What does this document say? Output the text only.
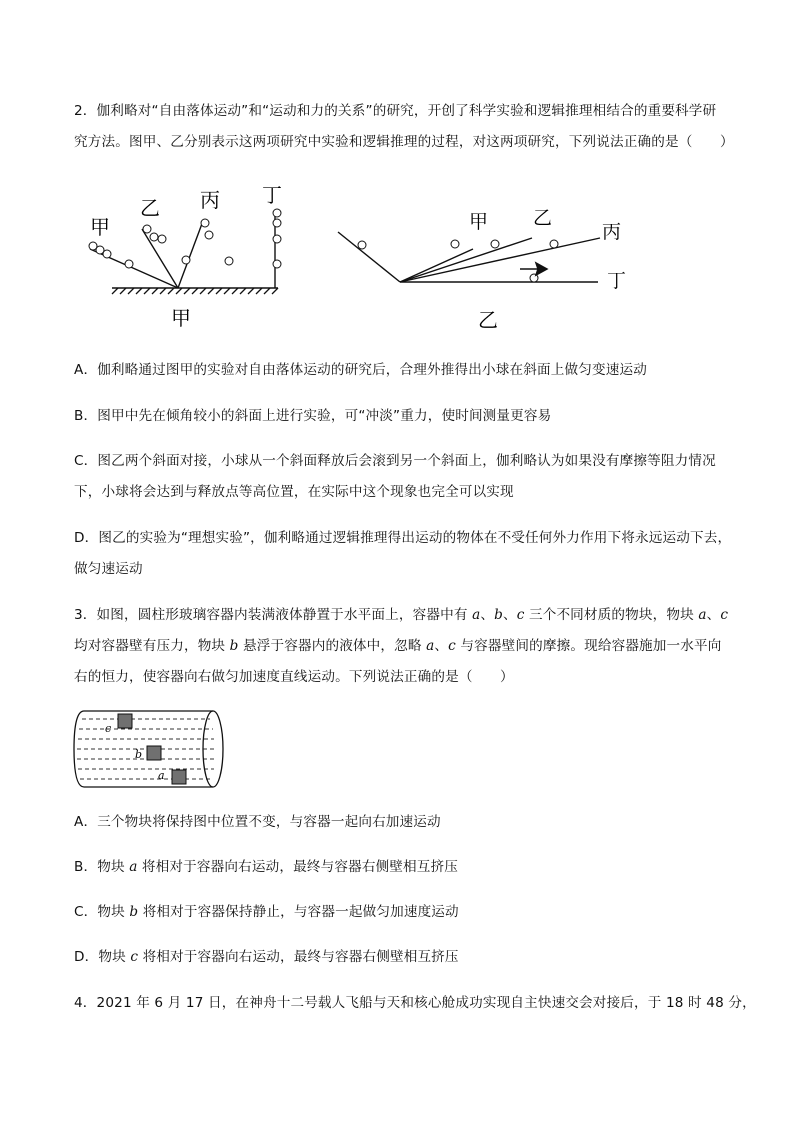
2．伽利略对“自由落体运动”和“运动和力的关系”的研究，开创了科学实验和逻辑推理相结合的重要科学研
究方法。图甲、乙分别表示这两项研究中实验和逻辑推理的过程，对这两项研究，下列说法正确的是（　　）
甲
乙 丙 丁
甲
甲 乙
丙
丁
乙
A．伽利略通过图甲的实验对自由落体运动的研究后，合理外推得出小球在斜面上做匀变速运动
B．图甲中先在倾角较小的斜面上进行实验，可“冲淡”重力，使时间测量更容易
C．图乙两个斜面对接，小球从一个斜面释放后会滚到另一个斜面上，伽利略认为如果没有摩擦等阻力情况
下，小球将会达到与释放点等高位置，在实际中这个现象也完全可以实现
D．图乙的实验为“理想实验”，伽利略通过逻辑推理得出运动的物体在不受任何外力作用下将永远运动下去，
做匀速运动
3．如图，圆柱形玻璃容器内装满液体静置于水平面上，容器中有 a、b、c 三个不同材质的物块，物块 a、c
均对容器壁有压力，物块 b 悬浮于容器内的液体中，忽略 a、c 与容器壁间的摩擦。现给容器施加一水平向
右的恒力，使容器向右做匀加速度直线运动。下列说法正确的是（　　）
c
b
a
A．三个物块将保持图中位置不变，与容器一起向右加速运动
B．物块 a 将相对于容器向右运动，最终与容器右侧壁相互挤压
C．物块 b 将相对于容器保持静止，与容器一起做匀加速度运动
D．物块 c 将相对于容器向右运动，最终与容器右侧壁相互挤压
4．2021 年 6 月 17 日，在神舟十二号载人飞船与天和核心舱成功实现自主快速交会对接后，于 18 时 48 分，
